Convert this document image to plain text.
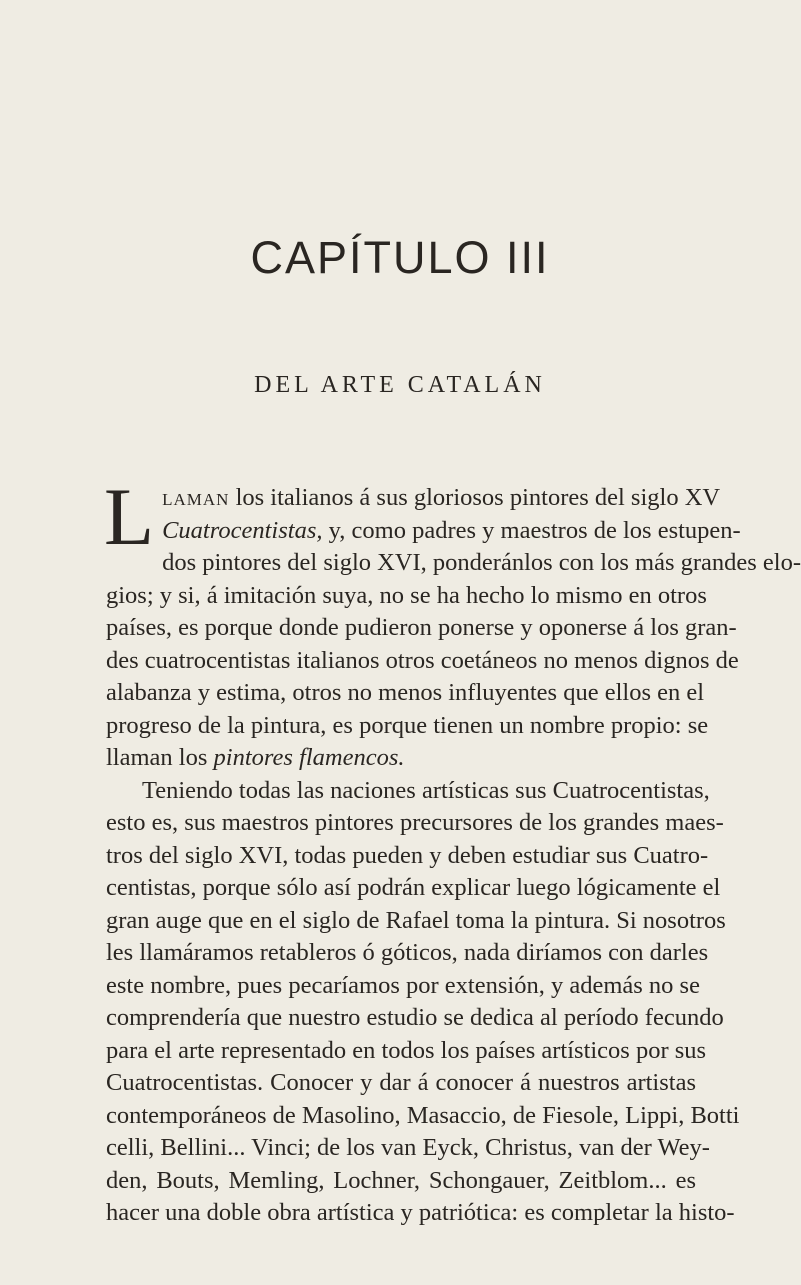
CAPÍTULO III
DEL ARTE CATALÁN
L laman los italianos á sus gloriosos pintores del siglo XV
Cuatrocentistas, y, como padres y maestros de los estupen-
dos pintores del siglo XVI, ponderánlos con los más grandes elo-
gios; y si, á imitación suya, no se ha hecho lo mismo en otros
países, es porque donde pudieron ponerse y oponerse á los gran-
des cuatrocentistas italianos otros coetáneos no menos dignos de
alabanza y estima, otros no menos influyentes que ellos en el
progreso de la pintura, es porque tienen un nombre propio: se
llaman los pintores flamencos.
Teniendo todas las naciones artísticas sus Cuatrocentistas,
esto es, sus maestros pintores precursores de los grandes maes-
tros del siglo XVI, todas pueden y deben estudiar sus Cuatro-
centistas, porque sólo así podrán explicar luego lógicamente el
gran auge que en el siglo de Rafael toma la pintura. Si nosotros
les llamáramos retableros ó góticos, nada diríamos con darles
este nombre, pues pecaríamos por extensión, y además no se
comprendería que nuestro estudio se dedica al período fecundo
para el arte representado en todos los países artísticos por sus
Cuatrocentistas. Conocer y dar á conocer á nuestros artistas
contemporáneos de Masolino, Masaccio, de Fiesole, Lippi, Botti
celli, Bellini... Vinci; de los van Eyck, Christus, van der Wey-
den, Bouts, Memling, Lochner, Schongauer, Zeitblom... es
hacer una doble obra artística y patriótica: es completar la histo-
